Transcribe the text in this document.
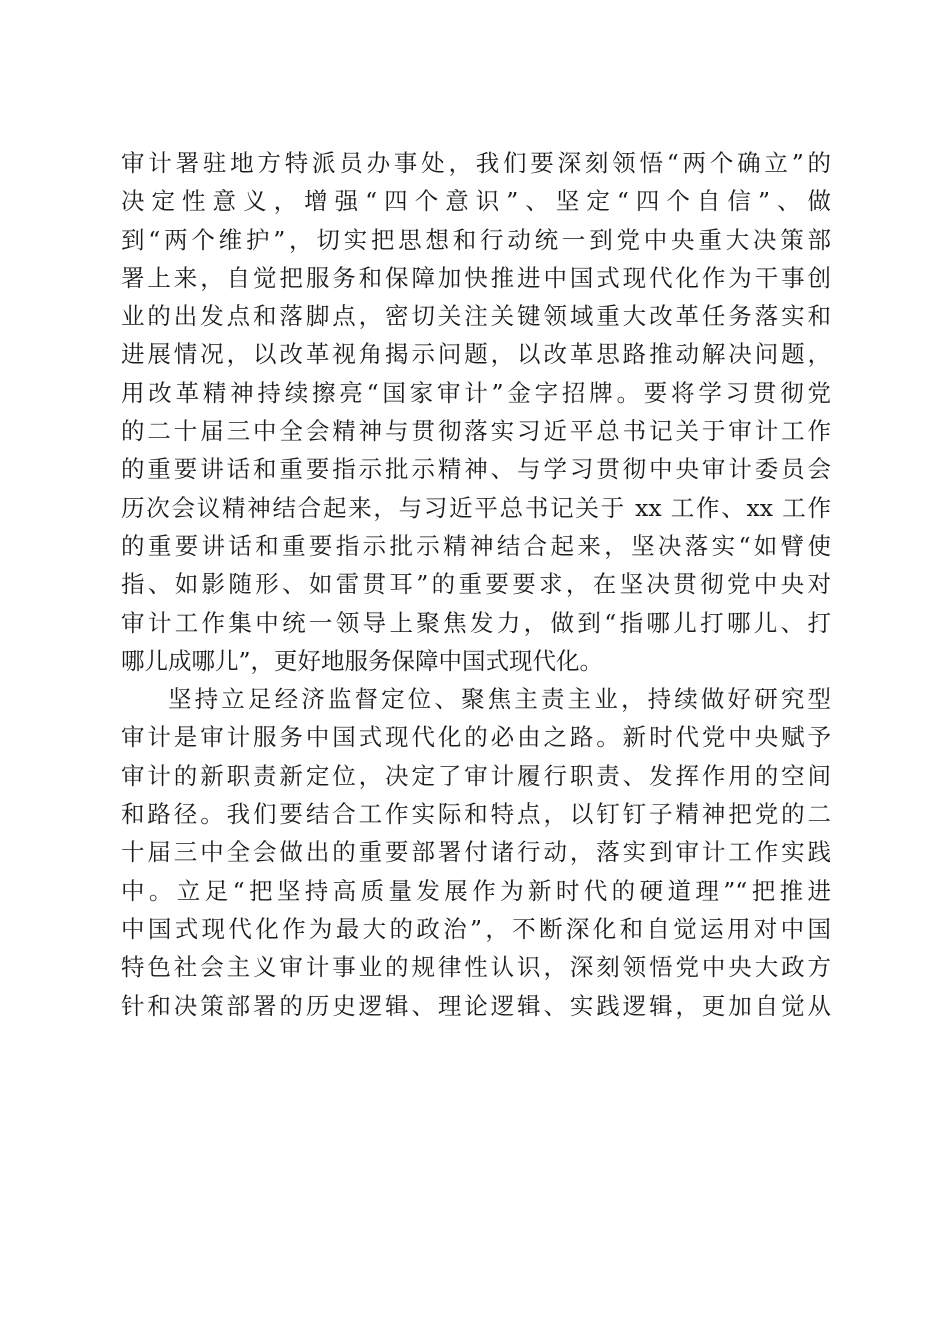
审计署驻地方特派员办事处，我们要深刻领悟“两个确立”的
决定性意义，增强“四个意识”、坚定“四个自信”、做
到“两个维护”，切实把思想和行动统一到党中央重大决策部
署上来，自觉把服务和保障加快推进中国式现代化作为干事创
业的出发点和落脚点，密切关注关键领域重大改革任务落实和
进展情况，以改革视角揭示问题，以改革思路推动解决问题，
用改革精神持续擦亮“国家审计”金字招牌。要将学习贯彻党
的二十届三中全会精神与贯彻落实习近平总书记关于审计工作
的重要讲话和重要指示批示精神、与学习贯彻中央审计委员会
历次会议精神结合起来，与习近平总书记关于 xx 工作、xx 工作
的重要讲话和重要指示批示精神结合起来，坚决落实“如臂使
指、如影随形、如雷贯耳”的重要要求，在坚决贯彻党中央对
审计工作集中统一领导上聚焦发力，做到“指哪儿打哪儿、打
哪儿成哪儿”，更好地服务保障中国式现代化。
坚持立足经济监督定位、聚焦主责主业，持续做好研究型
审计是审计服务中国式现代化的必由之路。新时代党中央赋予
审计的新职责新定位，决定了审计履行职责、发挥作用的空间
和路径。我们要结合工作实际和特点，以钉钉子精神把党的二
十届三中全会做出的重要部署付诸行动，落实到审计工作实践
中。立足“把坚持高质量发展作为新时代的硬道理”“把推进
中国式现代化作为最大的政治”，不断深化和自觉运用对中国
特色社会主义审计事业的规律性认识，深刻领悟党中央大政方
针和决策部署的历史逻辑、理论逻辑、实践逻辑，更加自觉从
